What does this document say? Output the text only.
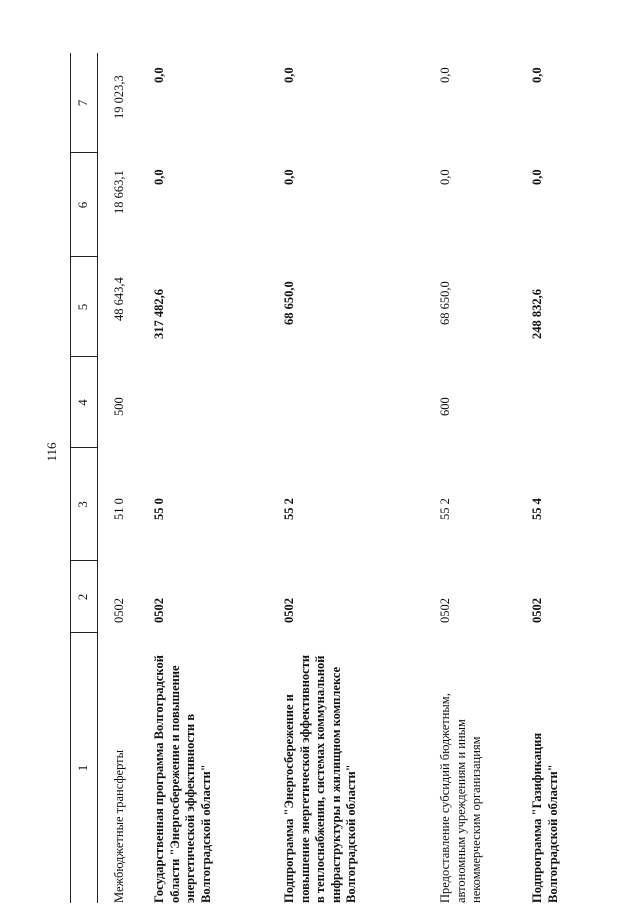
116
1
2
3
4
5
6
7
Межбюджетные трансферты
0502
51 0
500
48 643,4
18 663,1
19 023,3
Государственная программа Волгоградской области "Энергосбережение и повышение энергетической эффективности в Волгоградской области"
0502
55 0
317 482,6
0,0
0,0
Подпрограмма "Энергосбережение и повышение энергетической эффективности в теплоснабжении, системах коммунальной инфраструктуры и жилищном комплексе Волгоградской области"
0502
55 2
68 650,0
0,0
0,0
Предоставление субсидий бюджетным, автономным учреждениям и иным некоммерческим организациям
0502
55 2
600
68 650,0
0,0
0,0
Подпрограмма "Газификация Волгоградской области"
0502
55 4
248 832,6
0,0
0,0
